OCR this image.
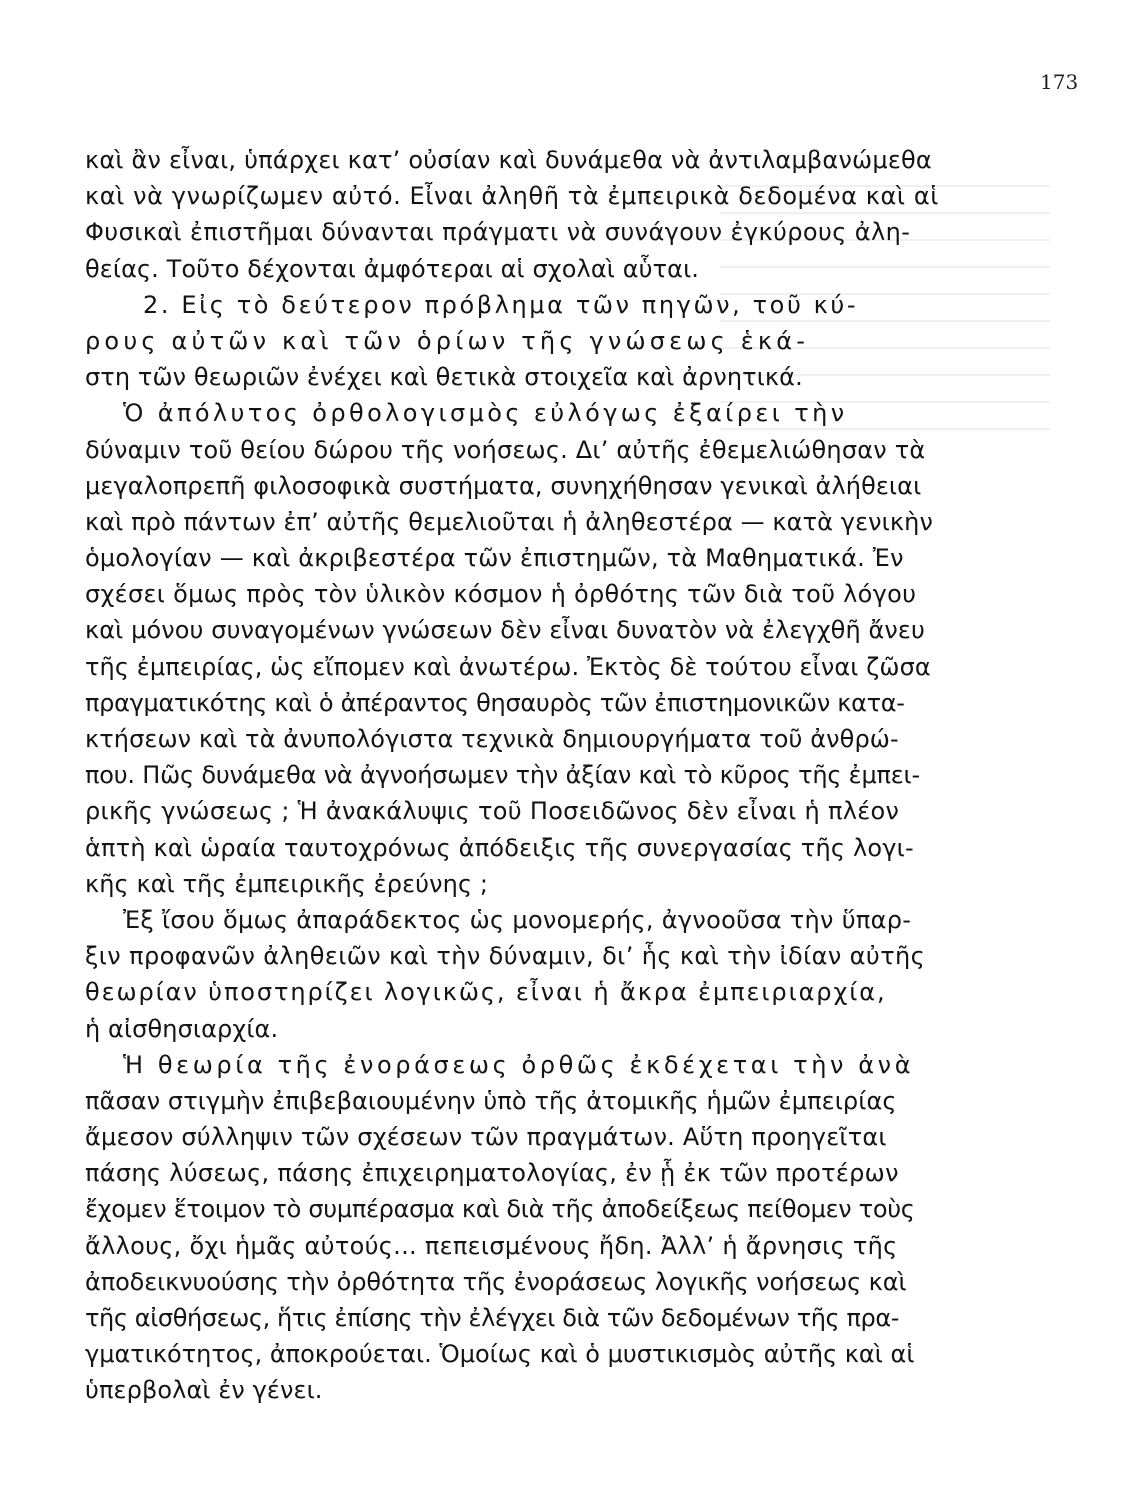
173
καὶ ἂν εἶναι, ὑπάρχει κατ’ οὐσίαν καὶ δυνάμεθα νὰ ἀντιλαμβανώμεθα
καὶ νὰ γνωρίζωμεν αὐτό. Εἶναι ἀληθῆ τὰ ἐμπειρικὰ δεδομένα καὶ αἱ
Φυσικαὶ ἐπιστῆμαι δύνανται πράγματι νὰ συνάγουν ἐγκύρους ἀλη-
θείας. Τοῦτο δέχονται ἀμφότεραι αἱ σχολαὶ αὗται.
2. Εἰς τὸ δεύτερον πρόβλημα τῶν πηγῶν, τοῦ κύ-
ρους αὐτῶν καὶ τῶν ὁρίων τῆς γνώσεως ἑκά-
στη τῶν θεωριῶν ἐνέχει καὶ θετικὰ στοιχεῖα καὶ ἀρνητικά.
Ὁ ἀπόλυτος ὀρθολογισμὸς εὐλόγως ἐξαίρει τὴν
δύναμιν τοῦ θείου δώρου τῆς νοήσεως. Δι’ αὐτῆς ἐθεμελιώθησαν τὰ
μεγαλοπρεπῆ φιλοσοφικὰ συστήματα, συνηχήθησαν γενικαὶ ἀλήθειαι
καὶ πρὸ πάντων ἐπ’ αὐτῆς θεμελιοῦται ἡ ἀληθεστέρα — κατὰ γενικὴν
ὁμολογίαν — καὶ ἀκριβεστέρα τῶν ἐπιστημῶν, τὰ Μαθηματικά. Ἐν
σχέσει ὅμως πρὸς τὸν ὑλικὸν κόσμον ἡ ὀρθότης τῶν διὰ τοῦ λόγου
καὶ μόνου συναγομένων γνώσεων δὲν εἶναι δυνατὸν νὰ ἐλεγχθῆ ἄνευ
τῆς ἐμπειρίας, ὡς εἴπομεν καὶ ἀνωτέρω. Ἐκτὸς δὲ τούτου εἶναι ζῶσα
πραγματικότης καὶ ὁ ἀπέραντος θησαυρὸς τῶν ἐπιστημονικῶν κατα-
κτήσεων καὶ τὰ ἀνυπολόγιστα τεχνικὰ δημιουργήματα τοῦ ἀνθρώ-
που. Πῶς δυνάμεθα νὰ ἀγνοήσωμεν τὴν ἀξίαν καὶ τὸ κῦρος τῆς ἐμπει-
ρικῆς γνώσεως ; Ἡ ἀνακάλυψις τοῦ Ποσειδῶνος δὲν εἶναι ἡ πλέον
ἁπτὴ καὶ ὡραία ταυτοχρόνως ἀπόδειξις τῆς συνεργασίας τῆς λογι-
κῆς καὶ τῆς ἐμπειρικῆς ἐρεύνης ;
Ἐξ ἴσου ὅμως ἀπαράδεκτος ὡς μονομερής, ἀγνοοῦσα τὴν ὕπαρ-
ξιν προφανῶν ἀληθειῶν καὶ τὴν δύναμιν, δι’ ἧς καὶ τὴν ἰδίαν αὐτῆς
θεωρίαν ὑποστηρίζει λογικῶς, εἶναι ἡ ἄκρα ἐμπειριαρχία,
ἡ αἰσθησιαρχία.
Ἡ θεωρία τῆς ἐνοράσεως ὀρθῶς ἐκδέχεται τὴν ἀνὰ
πᾶσαν στιγμὴν ἐπιβεβαιουμένην ὑπὸ τῆς ἀτομικῆς ἡμῶν ἐμπειρίας
ἄμεσον σύλληψιν τῶν σχέσεων τῶν πραγμάτων. Αὕτη προηγεῖται
πάσης λύσεως, πάσης ἐπιχειρηματολογίας, ἐν ᾗ ἐκ τῶν προτέρων
ἔχομεν ἕτοιμον τὸ συμπέρασμα καὶ διὰ τῆς ἀποδείξεως πείθομεν τοὺς
ἄλλους, ὄχι ἡμᾶς αὐτούς... πεπεισμένους ἤδη. Ἀλλ’ ἡ ἄρνησις τῆς
ἀποδεικνυούσης τὴν ὀρθότητα τῆς ἐνοράσεως λογικῆς νοήσεως καὶ
τῆς αἰσθήσεως, ἥτις ἐπίσης τὴν ἐλέγχει διὰ τῶν δεδομένων τῆς πρα-
γματικότητος, ἀποκρούεται. Ὁμοίως καὶ ὁ μυστικισμὸς αὐτῆς καὶ αἱ
ὑπερβολαὶ ἐν γένει.
